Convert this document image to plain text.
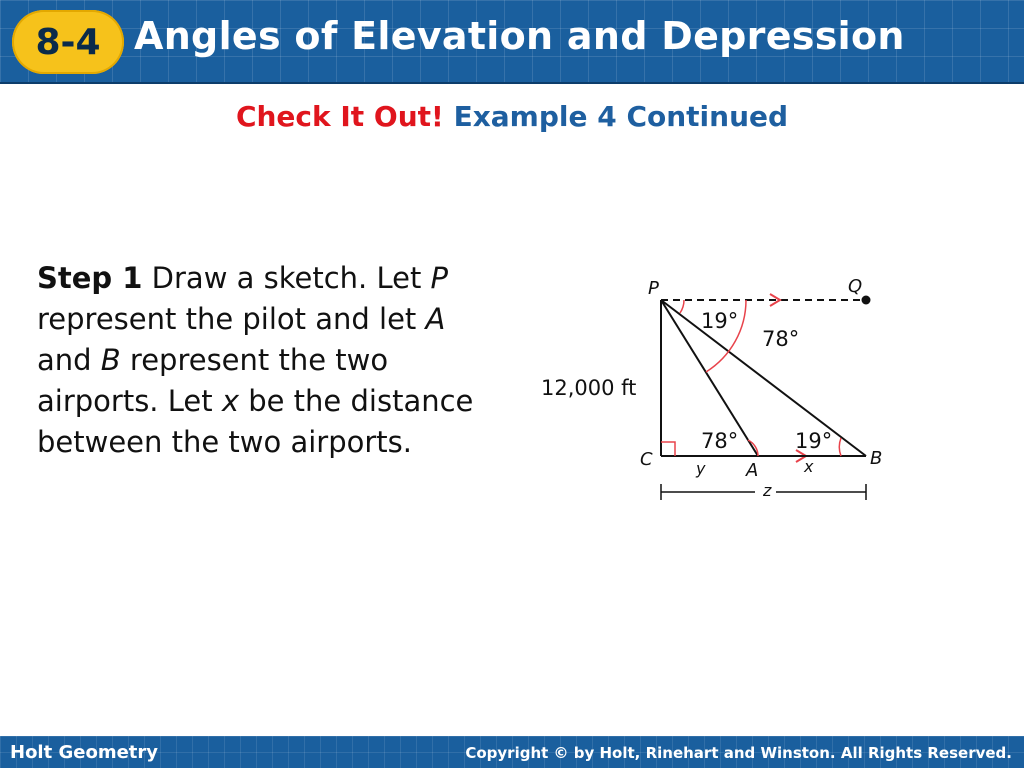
8-4 Angles of Elevation and Depression
Check It Out! Example 4 Continued
Step 1 Draw a sketch. Let P represent the pilot and let A and B represent the two airports. Let x be the distance between the two airports.
P	Q
C
A
B
19°
78°
78°	19°
12,000 ft
y	x
z
Holt Geometry	Copyright © by Holt, Rinehart and Winston. All Rights Reserved.
